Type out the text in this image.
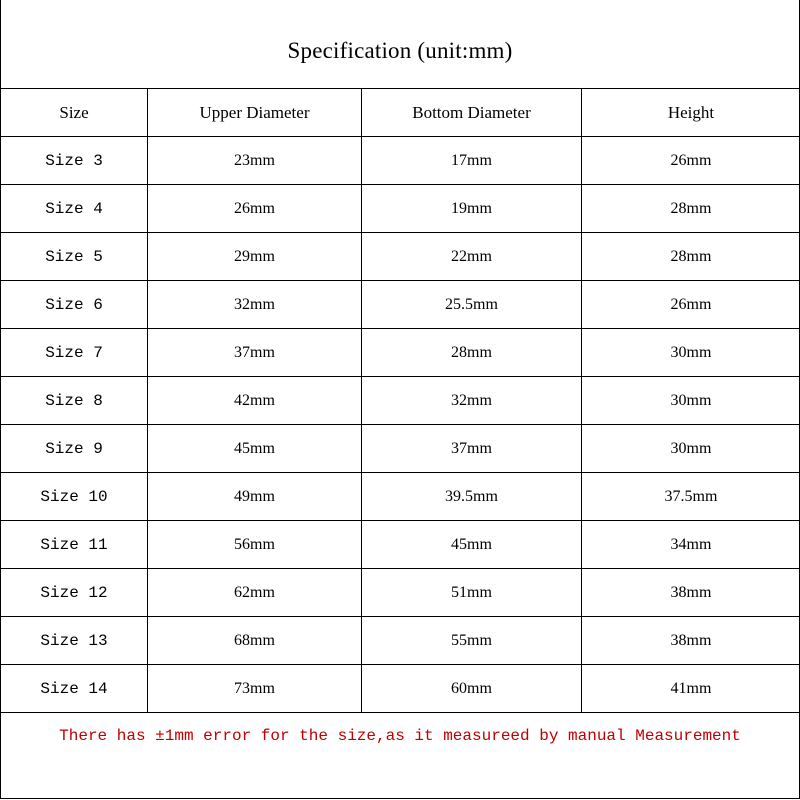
Specification (unit:mm)
Size	Upper Diameter	Bottom Diameter	Height
Size 3	23mm	17mm	26mm
Size 4	26mm	19mm	28mm
Size 5	29mm	22mm	28mm
Size 6	32mm	25.5mm	26mm
Size 7	37mm	28mm	30mm
Size 8	42mm	32mm	30mm
Size 9	45mm	37mm	30mm
Size 10	49mm	39.5mm	37.5mm
Size 11	56mm	45mm	34mm
Size 12	62mm	51mm	38mm
Size 13	68mm	55mm	38mm
Size 14	73mm	60mm	41mm
There has ±1mm error for the size,as it measureed by manual Measurement
